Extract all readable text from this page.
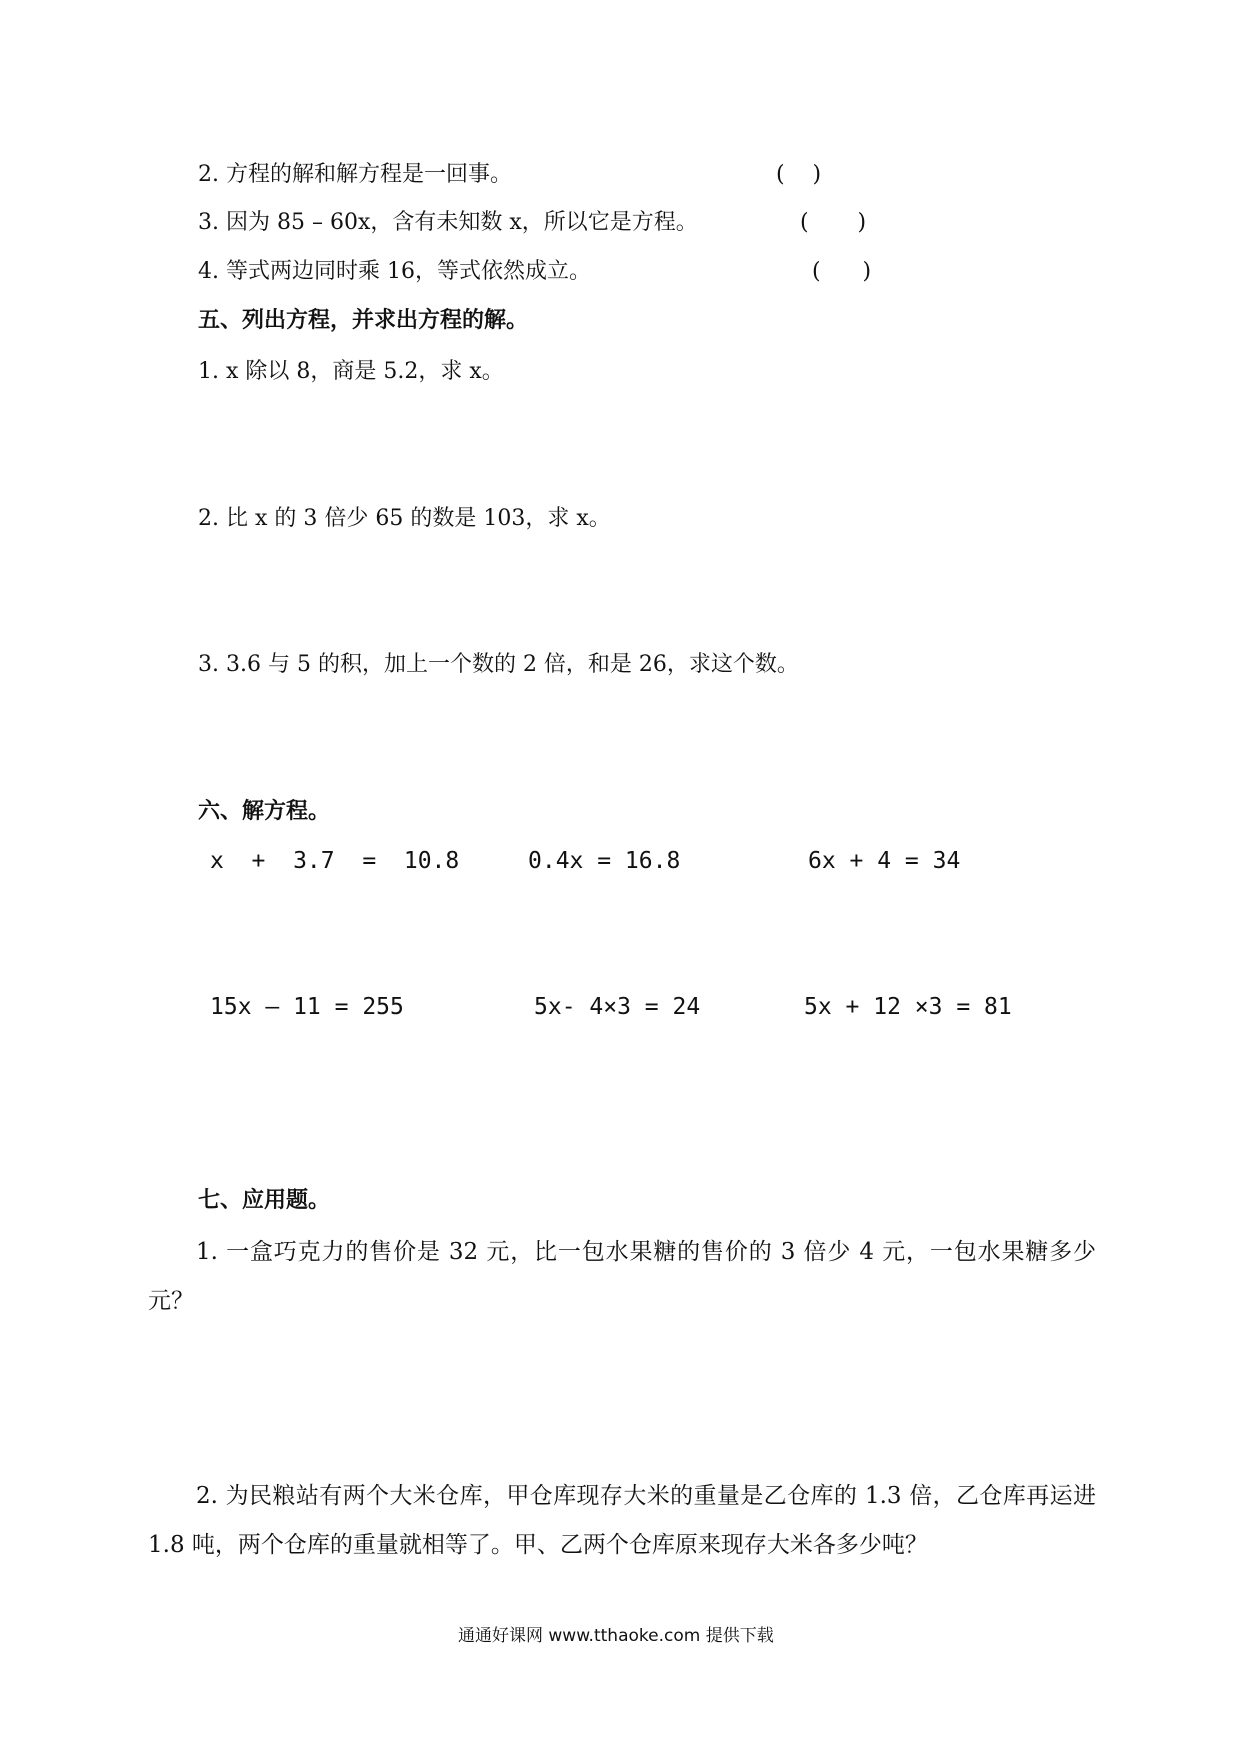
2. 方程的解和解方程是一回事。	(    )
3. 因为 85 – 60x，含有未知数 x，所以它是方程。	(       )
4. 等式两边同时乘 16，等式依然成立。	(      )
五、列出方程，并求出方程的解。
1. x 除以 8，商是 5.2，求 x。
2. 比 x 的 3 倍少 65 的数是 103，求 x。
3. 3.6 与 5 的积，加上一个数的 2 倍，和是 26，求这个数。
六、解方程。
x  +  3.7  =  10.8	0.4x = 16.8	6x + 4 = 34
15x – 11 = 255	5x- 4×3 = 24	5x + 12 ×3 = 81
七、应用题。
1. 一盒巧克力的售价是 32 元，比一包水果糖的售价的 3 倍少 4 元，一包水果糖多少元？
2. 为民粮站有两个大米仓库，甲仓库现存大米的重量是乙仓库的 1.3 倍，乙仓库再运进 1.8 吨，两个仓库的重量就相等了。甲、乙两个仓库原来现存大米各多少吨？
通通好课网 www.tthaoke.com 提供下载
